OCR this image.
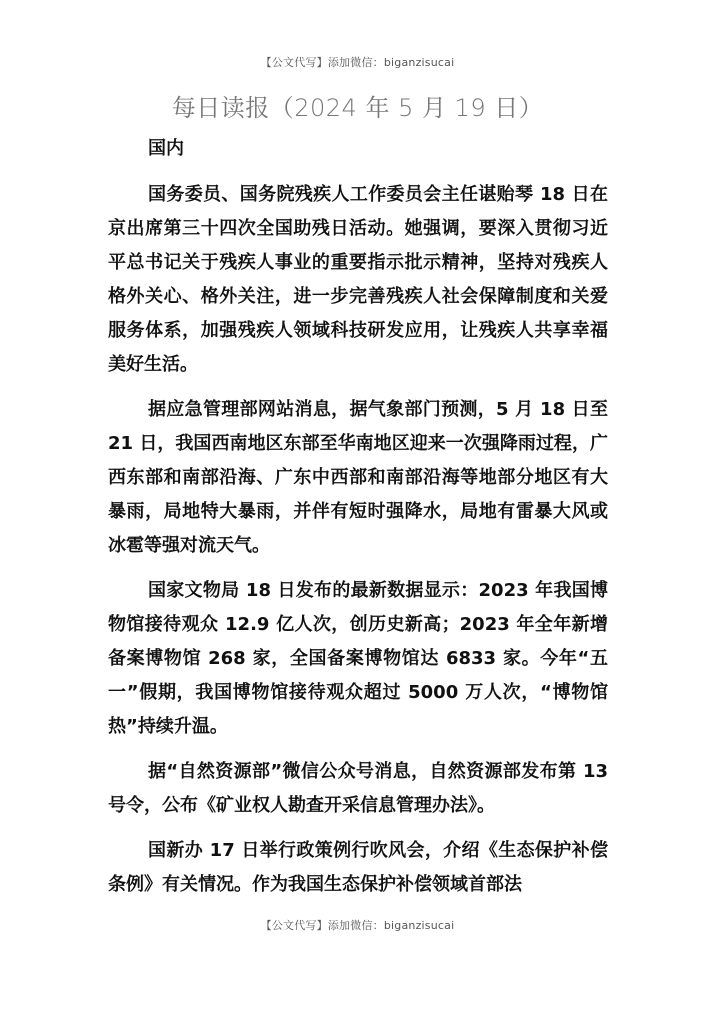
【公文代写】添加微信：biganzisucai
每日读报（2024 年 5 月 19 日）
国内

国务委员、国务院残疾人工作委员会主任谌贻琴 18 日在京出席第三十四次全国助残日活动。她强调，要深入贯彻习近平总书记关于残疾人事业的重要指示批示精神，坚持对残疾人格外关心、格外关注，进一步完善残疾人社会保障制度和关爱服务体系，加强残疾人领域科技研发应用，让残疾人共享幸福美好生活。

据应急管理部网站消息，据气象部门预测，5 月 18 日至 21 日，我国西南地区东部至华南地区迎来一次强降雨过程，广西东部和南部沿海、广东中西部和南部沿海等地部分地区有大暴雨，局地特大暴雨，并伴有短时强降水，局地有雷暴大风或冰雹等强对流天气。

国家文物局 18 日发布的最新数据显示：2023 年我国博物馆接待观众 12.9 亿人次，创历史新高；2023 年全年新增备案博物馆 268 家，全国备案博物馆达 6833 家。今年“五一”假期，我国博物馆接待观众超过 5000 万人次，“博物馆热”持续升温。

据“自然资源部”微信公众号消息，自然资源部发布第 13 号令，公布《矿业权人勘查开采信息管理办法》。

国新办 17 日举行政策例行吹风会，介绍《生态保护补偿条例》有关情况。作为我国生态保护补偿领域首部法

【公文代写】添加微信：biganzisucai
